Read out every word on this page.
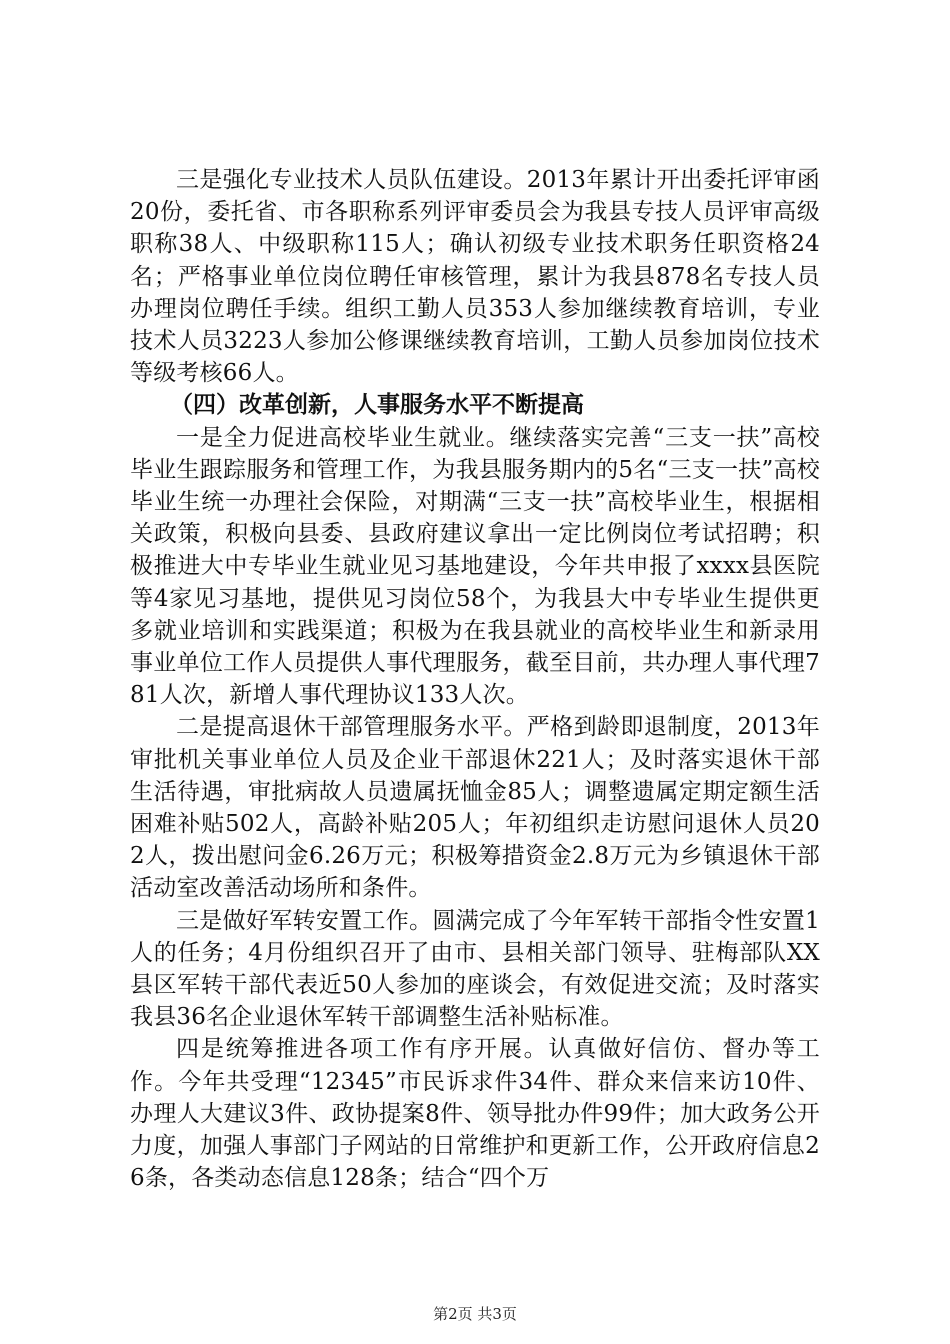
三是强化专业技术人员队伍建设。2013年累计开出委托评审函20份，委托省、市各职称系列评审委员会为我县专技人员评审高级职称38人、中级职称115人；确认初级专业技术职务任职资格24名；严格事业单位岗位聘任审核管理，累计为我县878名专技人员办理岗位聘任手续。组织工勤人员353人参加继续教育培训，专业技术人员3223人参加公修课继续教育培训，工勤人员参加岗位技术等级考核66人。

（四）改革创新，人事服务水平不断提高

一是全力促进高校毕业生就业。继续落实完善“三支一扶”高校毕业生跟踪服务和管理工作，为我县服务期内的5名“三支一扶”高校毕业生统一办理社会保险，对期满“三支一扶”高校毕业生，根据相关政策，积极向县委、县政府建议拿出一定比例岗位考试招聘；积极推进大中专毕业生就业见习基地建设，今年共申报了xxxx县医院等4家见习基地，提供见习岗位58个，为我县大中专毕业生提供更多就业培训和实践渠道；积极为在我县就业的高校毕业生和新录用事业单位工作人员提供人事代理服务，截至目前，共办理人事代理781人次，新增人事代理协议133人次。

二是提高退休干部管理服务水平。严格到龄即退制度，2013年审批机关事业单位人员及企业干部退休221人；及时落实退休干部生活待遇，审批病故人员遗属抚恤金85人；调整遗属定期定额生活困难补贴502人，高龄补贴205人；年初组织走访慰问退休人员202人，拨出慰问金6.26万元；积极筹措资金2.8万元为乡镇退休干部活动室改善活动场所和条件。

三是做好军转安置工作。圆满完成了今年军转干部指令性安置1人的任务；4月份组织召开了由市、县相关部门领导、驻梅部队XX县区军转干部代表近50人参加的座谈会，有效促进交流；及时落实我县36名企业退休军转干部调整生活补贴标准。

四是统筹推进各项工作有序开展。认真做好信仿、督办等工作。今年共受理“12345”市民诉求件34件、群众来信来访10件、办理人大建议3件、政协提案8件、领导批办件99件；加大政务公开力度，加强人事部门子网站的日常维护和更新工作，公开政府信息26条，各类动态信息128条；结合“四个万

第2页 共3页
